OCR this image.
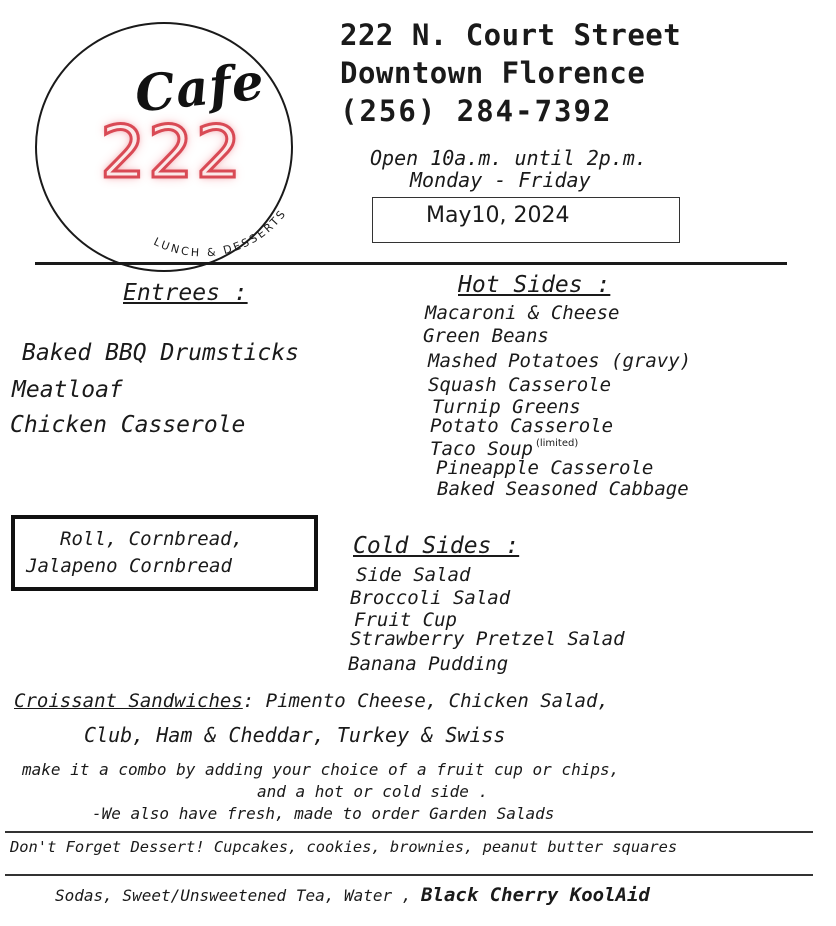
LUNCH & DESSERTS
Cafe
222
222 N. Court Street
Downtown Florence
(256) 284-7392
Open 10a.m. until 2p.m.
Monday - Friday
May10, 2024
Entrees :
Baked BBQ Drumsticks
Meatloaf
Chicken Casserole
Hot Sides :
Macaroni & Cheese
Green Beans
Mashed Potatoes (gravy)
Squash Casserole
Turnip Greens
Potato Casserole
Taco Soup $^{(limited)}$
Pineapple Casserole
Baked Seasoned Cabbage
Roll, Cornbread,
Jalapeno Cornbread
Cold Sides :
Side Salad
Broccoli Salad
Fruit Cup
Strawberry Pretzel Salad
Banana Pudding
Croissant Sandwiches: Pimento Cheese, Chicken Salad,
Club, Ham & Cheddar, Turkey & Swiss
make it a combo by adding your choice of a fruit cup or chips,
and a hot or cold side .
-We also have fresh, made to order Garden Salads
Don't Forget Dessert! Cupcakes, cookies, brownies, peanut butter squares
Sodas, Sweet/Unsweetened Tea, Water , Black Cherry KoolAid
